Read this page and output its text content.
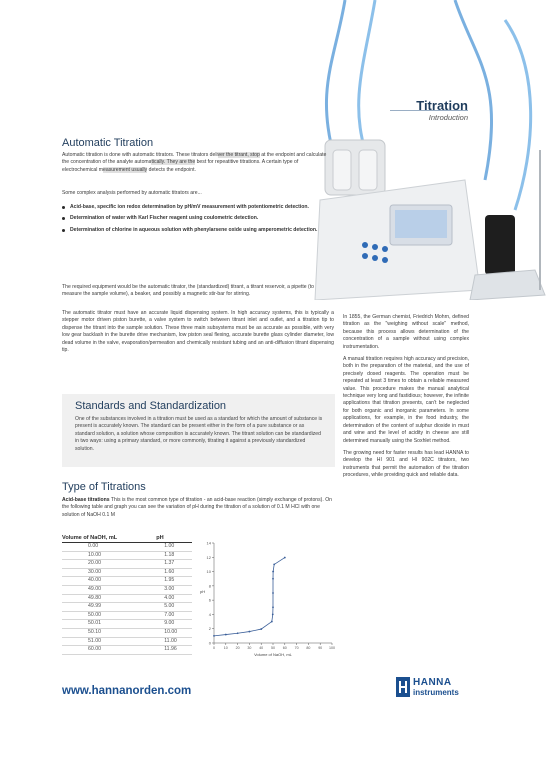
Titration
Introduction
Automatic Titration

Automatic titration is done with automatic titrators. These titrators deliver the titrant, stop at the endpoint and calculate the concentration of the analyte automatically. They are the best for repeatitive titrations. A certain type of electrochemical measurement usually detects the endpoint.

Some complex analysis performed by automatic titrators are...

Acid-base, specific ion redox determination by pH/mV measurement with potentiometric detection.
Determination of water with Karl Fischer reagent using coulometric detection.
Determination of chlorine in aqueous solution with phenylarsene oxide using amperometric detection.

The required equipment would be the automatic titrator, the (standardized) titrant, a titrant reservoir, a pipette (to measure the sample volume), a beaker, and possibly a magnetic stir-bar for stirring.

The automatic titrator must have an accurate liquid dispensing system. In high accuracy systems, this is typically a stepper motor driven piston burette, a valve system to switch between titrant inlet and outlet, and a titration tip to dispense the titrant into the sample solution. These three main subsystems must be as accurate as possible, with very low gear backlash in the burette drive mechanism, low piston seal flexing, accurate burette glass cylinder diameter, low dead volume in the valve, evaporation/permeation and chemically resistant tubing and an anti-diffusion titrant dispensing tip.

Standards and Standardization

One of the substances involved in a titration must be used as a standard for which the amount of substance is present is accurately known. The standard can be present either in the form of a pure substance or as standard solution, a solution whose composition is accurately known. The titrant solution can be standardized in two ways: using a primary standard, or more commonly, titrating it against a previously standardized solution.

Type of Titrations

Acid-base titrations This is the most common type of titration - an acid-base reaction (simply exchange of protons). On the following table and graph you can see the variation of pH during the titration of a solution of 0.1 M HCl with one solution of NaOH 0.1 M

In 1855, the German chemist, Friedrich Mohrn, defined titration as the "weighing without scale" method, because this process allows determination of the concentration of a sample without using complex instrumentation.

A manual titration requires high accuracy and precision, both in the preparation of the material, and the use of precisely dosed reagents. The operation must be repeated at least 3 times to obtain a reliable measured value. This procedure makes the manual analytical technique very long and fastidious; however, the infinite applications that titration presents, can't be neglected for both organic and inorganic parameters. In some applications, for example, in the food industry, the determination of the content of sulphur dioxide in must and wine and the level of acidity in cheese are still determined manually using the Soxhlet method.

The growing need for faster results has lead HANNA to develop the HI 901 and HI 902C titrators, two instruments that permit the automation of the titration procedures, while providing quick and reliable data.

Volume of NaOH, mL	pH
0.00	1.00
10.00	1.18
20.00	1.37
30.00	1.60
40.00	1.95
49.00	3.00
49.80	4.00
49.99	5.00
50.00	7.00
50.01	9.00
50.10	10.00
51.00	11.00
60.00	11.96
0
2
4
6
8
10
12
14
0 10 20 30 40 50 60 70 80 90 100
pH
Volume of NaOH, mL
www.hannanorden.com
HANNA
instruments
